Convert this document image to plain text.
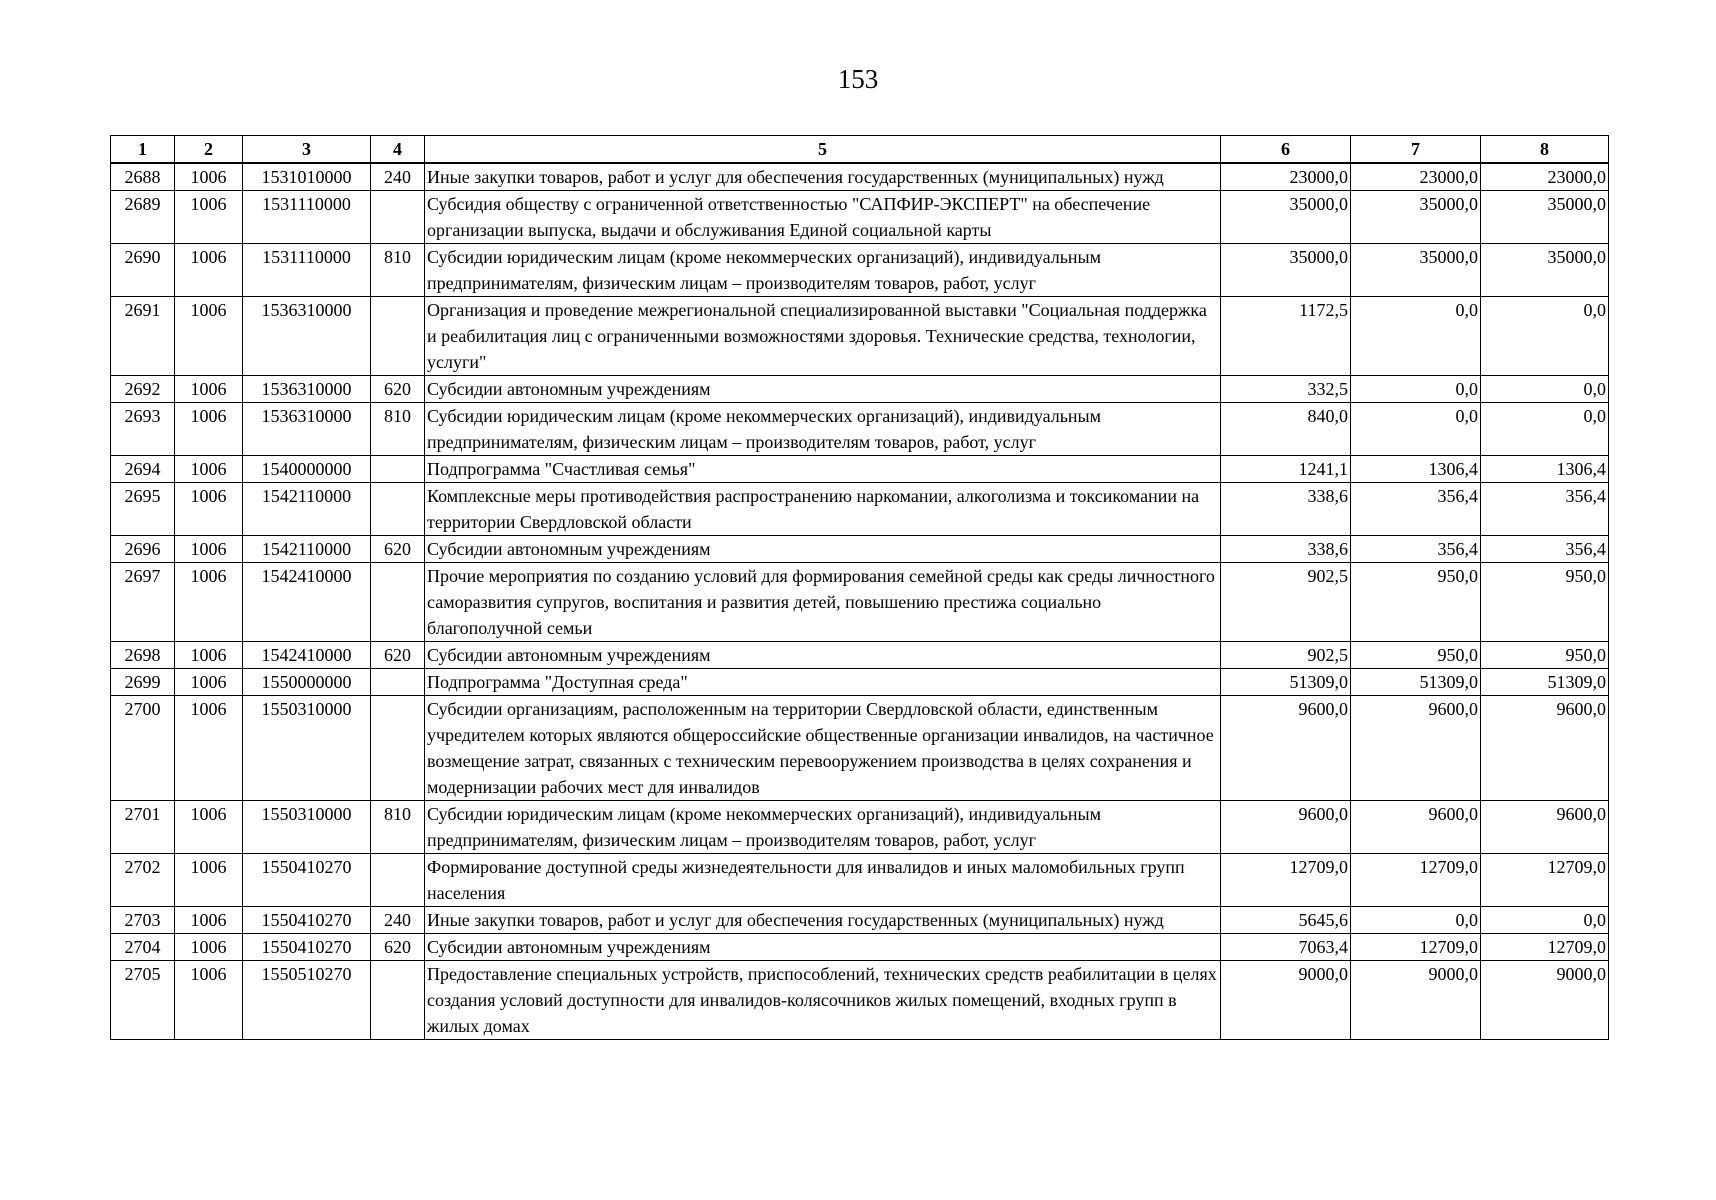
153
1	2	3	4	5	6	7	8
2688	1006	1531010000	240	Иные закупки товаров, работ и услуг для обеспечения государственных (муниципальных) нужд	23000,0	23000,0	23000,0
2689	1006	1531110000		Субсидия обществу с ограниченной ответственностью "САПФИР-ЭКСПЕРТ" на обеспечение организации выпуска, выдачи и обслуживания Единой социальной карты	35000,0	35000,0	35000,0
2690	1006	1531110000	810	Субсидии юридическим лицам (кроме некоммерческих организаций), индивидуальным предпринимателям, физическим лицам – производителям товаров, работ, услуг	35000,0	35000,0	35000,0
2691	1006	1536310000		Организация и проведение межрегиональной специализированной выставки "Социальная поддержка и реабилитация лиц с ограниченными возможностями здоровья. Технические средства, технологии, услуги"	1172,5	0,0	0,0
2692	1006	1536310000	620	Субсидии автономным учреждениям	332,5	0,0	0,0
2693	1006	1536310000	810	Субсидии юридическим лицам (кроме некоммерческих организаций), индивидуальным предпринимателям, физическим лицам – производителям товаров, работ, услуг	840,0	0,0	0,0
2694	1006	1540000000		Подпрограмма "Счастливая семья"	1241,1	1306,4	1306,4
2695	1006	1542110000		Комплексные меры противодействия распространению наркомании, алкоголизма и токсикомании на территории Свердловской области	338,6	356,4	356,4
2696	1006	1542110000	620	Субсидии автономным учреждениям	338,6	356,4	356,4
2697	1006	1542410000		Прочие мероприятия по созданию условий для формирования семейной среды как среды личностного саморазвития супругов, воспитания и развития детей, повышению престижа социально благополучной семьи	902,5	950,0	950,0
2698	1006	1542410000	620	Субсидии автономным учреждениям	902,5	950,0	950,0
2699	1006	1550000000		Подпрограмма "Доступная среда"	51309,0	51309,0	51309,0
2700	1006	1550310000		Субсидии организациям, расположенным на территории Свердловской области, единственным учредителем которых являются общероссийские общественные организации инвалидов, на частичное возмещение затрат, связанных с техническим перевооружением производства в целях сохранения и модернизации рабочих мест для инвалидов	9600,0	9600,0	9600,0
2701	1006	1550310000	810	Субсидии юридическим лицам (кроме некоммерческих организаций), индивидуальным предпринимателям, физическим лицам – производителям товаров, работ, услуг	9600,0	9600,0	9600,0
2702	1006	1550410270		Формирование доступной среды жизнедеятельности для инвалидов и иных маломобильных групп населения	12709,0	12709,0	12709,0
2703	1006	1550410270	240	Иные закупки товаров, работ и услуг для обеспечения государственных (муниципальных) нужд	5645,6	0,0	0,0
2704	1006	1550410270	620	Субсидии автономным учреждениям	7063,4	12709,0	12709,0
2705	1006	1550510270		Предоставление специальных устройств, приспособлений, технических средств реабилитации в целях создания условий доступности для инвалидов-колясочников жилых помещений, входных групп в жилых домах	9000,0	9000,0	9000,0
